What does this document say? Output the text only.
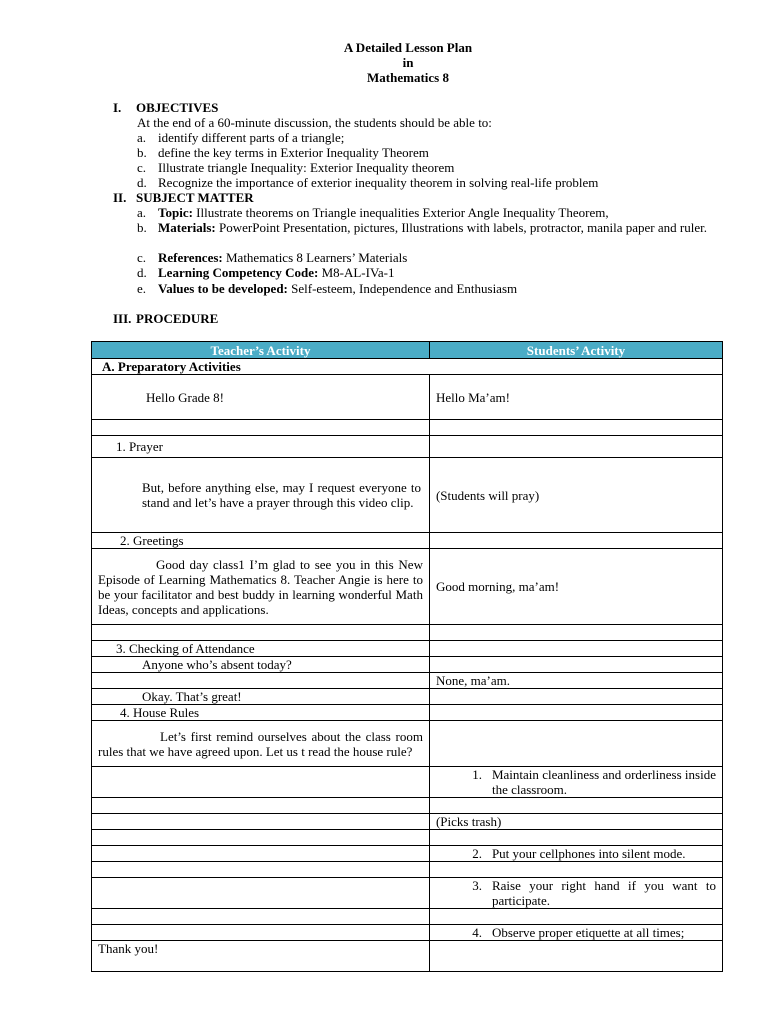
A Detailed Lesson Plan
in
Mathematics 8
I. OBJECTIVES
At the end of a 60-minute discussion, the students should be able to:
a. identify different parts of a triangle;
b. define the key terms in Exterior Inequality Theorem
c. Illustrate triangle Inequality: Exterior Inequality theorem
d. Recognize the importance of exterior inequality theorem in solving real-life problem
II. SUBJECT MATTER
a. Topic: Illustrate theorems on Triangle inequalities Exterior Angle Inequality Theorem,
b. Materials: PowerPoint Presentation, pictures, Illustrations with labels, protractor, manila paper and ruler.
c. References: Mathematics 8 Learners’ Materials
d. Learning Competency Code: M8-AL-IVa-1
e. Values to be developed: Self-esteem, Independence and Enthusiasm
III. PROCEDURE
Teacher’s Activity	Students’ Activity
A. Preparatory Activities	
Hello Grade 8!	Hello Ma’am!

1. Prayer	
But, before anything else, may I request everyone to stand and let’s have a prayer through this video clip.	(Students will pray)
2. Greetings	
Good day class1 I’m glad to see you in this New Episode of Learning Mathematics 8. Teacher Angie is here to be your facilitator and best buddy in learning wonderful Math Ideas, concepts and applications.	Good morning, ma’am!

3. Checking of Attendance	
Anyone who’s absent today?	
	None, ma’am.
Okay. That’s great!	
4. House Rules	
Let’s first remind ourselves about the class room rules that we have agreed upon. Let us t read the house rule?	

	1. Maintain cleanliness and orderliness inside the classroom.

	(Picks trash)

	2. Put your cellphones into silent mode.

	3. Raise your right hand if you want to participate.

	4. Observe proper etiquette at all times;

Thank you!	
